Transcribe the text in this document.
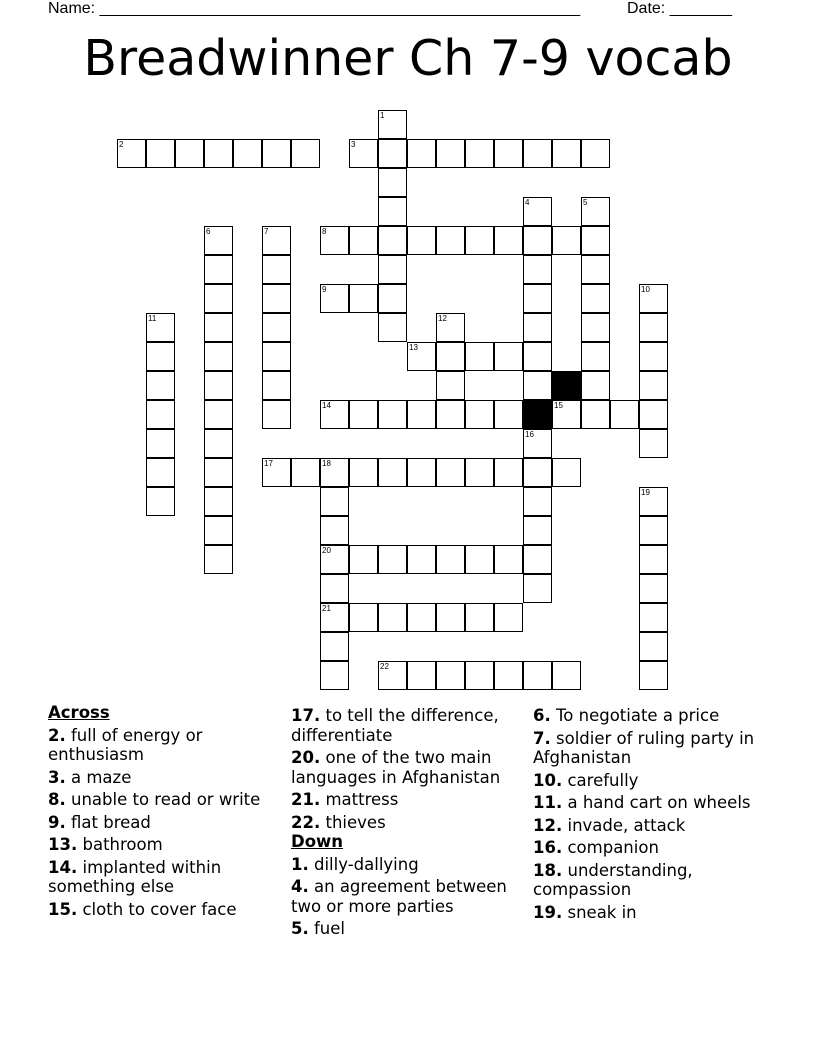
Name: ______________________________________________________	Date: _______
Breadwinner Ch 7-9 vocab
1
2	3
4	5
6	7	8
9	10
11	12
13
14	15
16
17	18
19
20
21
22
Across
2. full of energy or enthusiasm
3. a maze
8. unable to read or write
9. flat bread
13. bathroom
14. implanted within something else
15. cloth to cover face
17. to tell the difference, differentiate
20. one of the two main languages in Afghanistan
21. mattress
22. thieves
Down
1. dilly-dallying
4. an agreement between two or more parties
5. fuel
6. To negotiate a price
7. soldier of ruling party in Afghanistan
10. carefully
11. a hand cart on wheels
12. invade, attack
16. companion
18. understanding, compassion
19. sneak in
